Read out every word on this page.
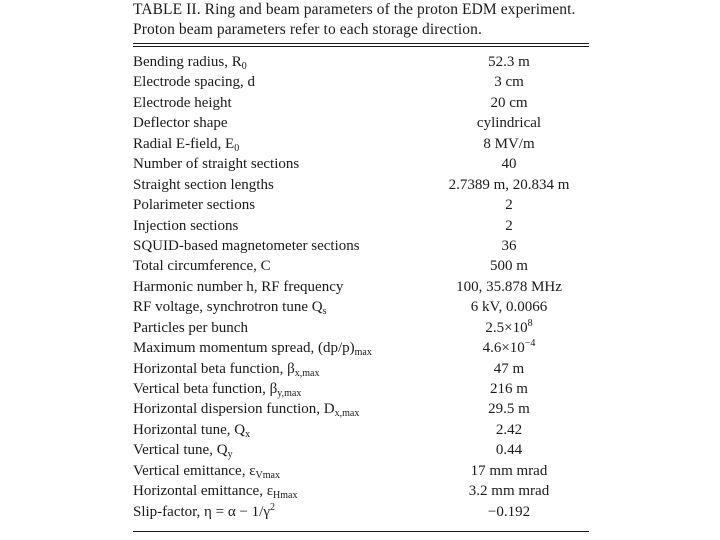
TABLE II. Ring and beam parameters of the proton EDM experiment. Proton beam parameters refer to each storage direction.
Bending radius, $R_0$	52.3 m
Electrode spacing, d	3 cm
Electrode height	20 cm
Deflector shape	cylindrical
Radial E-field, $E_0$	8 MV/m
Number of straight sections	40
Straight section lengths	2.7389 m, 20.834 m
Polarimeter sections	2
Injection sections	2
SQUID-based magnetometer sections	36
Total circumference, C	500 m
Harmonic number h, RF frequency	100, 35.878 MHz
RF voltage, synchrotron tune $Q_s$	6 kV, 0.0066
Particles per bunch	$2.5\times 10^8$
Maximum momentum spread, $(dp/p)_{max}$	$4.6\times 10^{-4}$
Horizontal beta function, $\beta_{x,max}$	47 m
Vertical beta function, $\beta_{y,max}$	216 m
Horizontal dispersion function, $D_{x,max}$	29.5 m
Horizontal tune, $Q_x$	2.42
Vertical tune, $Q_y$	0.44
Vertical emittance, $\varepsilon_{Vmax}$	17 mm mrad
Horizontal emittance, $\varepsilon_{Hmax}$	3.2 mm mrad
Slip-factor, $\eta = \alpha - 1/\gamma^2$	−0.192
